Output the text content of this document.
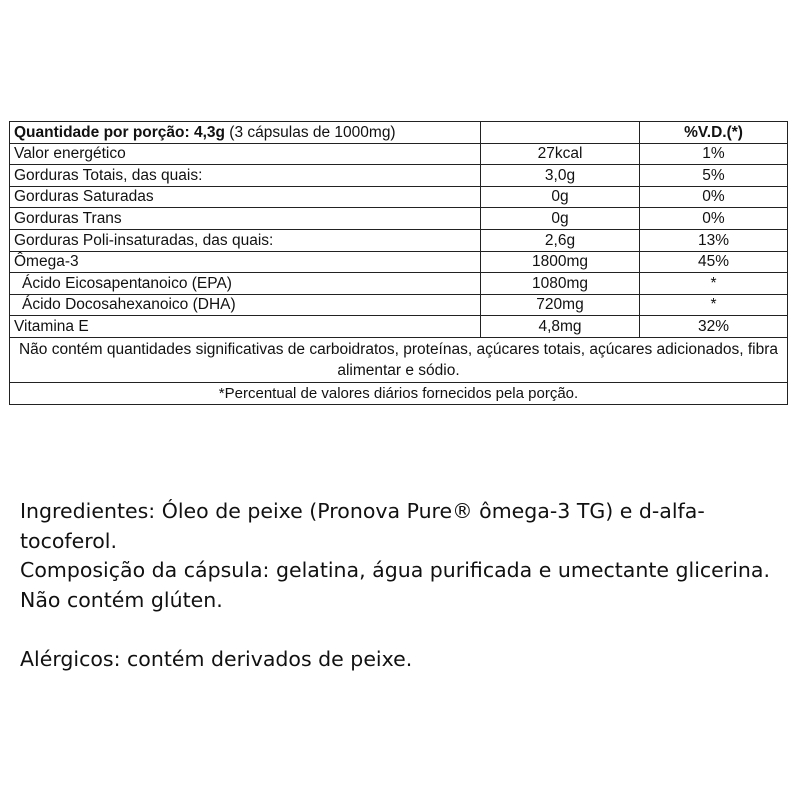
Quantidade por porção: 4,3g (3 cápsulas de 1000mg)		%V.D.(*)
Valor energético	27kcal	1%
Gorduras Totais, das quais:	3,0g	5%
Gorduras Saturadas	0g	0%
Gorduras Trans	0g	0%
Gorduras Poli-insaturadas, das quais:	2,6g	13%
Ômega-3	1800mg	45%
Ácido Eicosapentanoico (EPA)	1080mg	*
Ácido Docosahexanoico (DHA)	720mg	*
Vitamina E	4,8mg	32%
Não contém quantidades significativas de carboidratos, proteínas, açúcares totais, açúcares adicionados, fibra alimentar e sódio.		
*Percentual de valores diários fornecidos pela porção.		

Ingredientes: Óleo de peixe (Pronova Pure® ômega-3 TG) e d-alfa-tocoferol.

Composição da cápsula: gelatina, água purificada e umectante glicerina. Não contém glúten.

Alérgicos: contém derivados de peixe.
